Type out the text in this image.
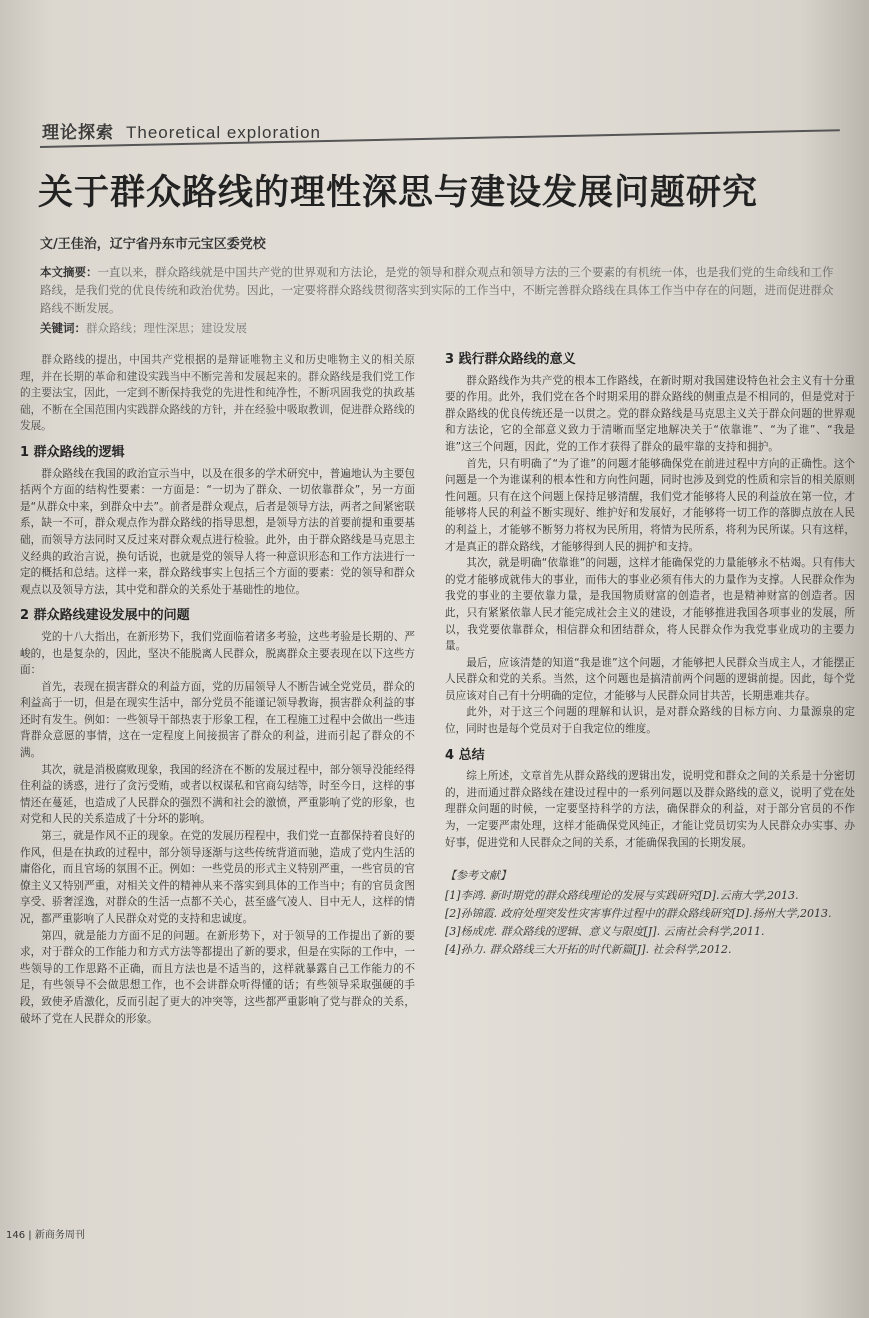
理论探索 Theoretical exploration
关于群众路线的理性深思与建设发展问题研究
文/王佳治，辽宁省丹东市元宝区委党校
本文摘要：一直以来，群众路线就是中国共产党的世界观和方法论，是党的领导和群众观点和领导方法的三个要素的有机统一体，也是我们党的生命线和工作路线，是我们党的优良传统和政治优势。因此，一定要将群众路线贯彻落实到实际的工作当中，不断完善群众路线在具体工作当中存在的问题，进而促进群众路线不断发展。
关键词：群众路线；理性深思；建设发展

群众路线的提出，中国共产党根据的是辩证唯物主义和历史唯物主义的相关原理，并在长期的革命和建设实践当中不断完善和发展起来的。群众路线是我们党工作的主要法宝，因此，一定到不断保持我党的先进性和纯净性，不断巩固我党的执政基础，不断在全国范围内实践群众路线的方针，并在经验中吸取教训，促进群众路线的发展。

1 群众路线的逻辑

群众路线在我国的政治宣示当中，以及在很多的学术研究中，普遍地认为主要包括两个方面的结构性要素：一方面是：“一切为了群众、一切依靠群众”，另一方面是“从群众中来，到群众中去”。前者是群众观点，后者是领导方法，两者之间紧密联系，缺一不可，群众观点作为群众路线的指导思想，是领导方法的首要前提和重要基础，而领导方法同时又反过来对群众观点进行检验。此外，由于群众路线是马克思主义经典的政治言说，换句话说，也就是党的领导人将一种意识形态和工作方法进行一定的概括和总结。这样一来，群众路线事实上包括三个方面的要素：党的领导和群众观点以及领导方法，其中党和群众的关系处于基础性的地位。

2 群众路线建设发展中的问题

党的十八大指出，在新形势下，我们党面临着诸多考验，这些考验是长期的、严峻的，也是复杂的，因此，坚决不能脱离人民群众，脱离群众主要表现在以下这些方面：

首先，表现在损害群众的利益方面，党的历届领导人不断告诫全党党员，群众的利益高于一切，但是在现实生活中，部分党员不能谨记领导教诲，损害群众利益的事还时有发生。例如：一些领导干部热衷于形象工程，在工程施工过程中会做出一些违背群众意愿的事情，这在一定程度上间接损害了群众的利益，进而引起了群众的不满。

其次，就是消极腐败现象，我国的经济在不断的发展过程中，部分领导没能经得住利益的诱惑，进行了贪污受贿，或者以权谋私和官商勾结等，时至今日，这样的事情还在蔓延，也造成了人民群众的强烈不满和社会的激愤，严重影响了党的形象，也对党和人民的关系造成了十分坏的影响。

第三，就是作风不正的现象。在党的发展历程程中，我们党一直都保持着良好的作风，但是在执政的过程中，部分领导逐渐与这些传统背道而驰，造成了党内生活的庸俗化，而且官场的氛围不正。例如：一些党员的形式主义特别严重，一些官员的官僚主义又特别严重，对相关文件的精神从来不落实到具体的工作当中；有的官员贪图享受、骄奢淫逸，对群众的生活一点都不关心，甚至盛气凌人、目中无人，这样的情况，都严重影响了人民群众对党的支持和忠诚度。

第四，就是能力方面不足的问题。在新形势下，对于领导的工作提出了新的要求，对于群众的工作能力和方式方法等都提出了新的要求，但是在实际的工作中，一些领导的工作思路不正确，而且方法也是不适当的，这样就暴露自己工作能力的不足，有些领导不会做思想工作，也不会讲群众听得懂的话；有些领导采取强硬的手段，致使矛盾激化，反而引起了更大的冲突等，这些都严重影响了党与群众的关系，破坏了党在人民群众的形象。

3 践行群众路线的意义

群众路线作为共产党的根本工作路线，在新时期对我国建设特色社会主义有十分重要的作用。此外，我们党在各个时期采用的群众路线的侧重点是不相同的，但是党对于群众路线的优良传统还是一以贯之。党的群众路线是马克思主义关于群众问题的世界观和方法论，它的全部意义致力于清晰而坚定地解决关于“依靠谁”、“为了谁”、“我是谁”这三个问题，因此，党的工作才获得了群众的最牢靠的支持和拥护。

首先，只有明确了“为了谁”的问题才能够确保党在前进过程中方向的正确性。这个问题是一个为谁谋利的根本性和方向性问题，同时也涉及到党的性质和宗旨的相关原则性问题。只有在这个问题上保持足够清醒，我们党才能够将人民的利益放在第一位，才能够将人民的利益不断实现好、维护好和发展好，才能够将一切工作的落脚点放在人民的利益上，才能够不断努力将权为民所用，将情为民所系，将利为民所谋。只有这样，才是真正的群众路线，才能够得到人民的拥护和支持。

其次，就是明确“依靠谁”的问题，这样才能确保党的力量能够永不枯竭。只有伟大的党才能够成就伟大的事业，而伟大的事业必须有伟大的力量作为支撑。人民群众作为我党的事业的主要依靠力量，是我国物质财富的创造者，也是精神财富的创造者。因此，只有紧紧依靠人民才能完成社会主义的建设，才能够推进我国各项事业的发展，所以，我党要依靠群众，相信群众和团结群众，将人民群众作为我党事业成功的主要力量。

最后，应该清楚的知道“我是谁”这个问题，才能够把人民群众当成主人，才能摆正人民群众和党的关系。当然，这个问题也是搞清前两个问题的逻辑前提。因此，每个党员应该对自己有十分明确的定位，才能够与人民群众同甘共苦，长期患难共存。

此外，对于这三个问题的理解和认识，是对群众路线的目标方向、力量源泉的定位，同时也是每个党员对于自我定位的维度。

4 总结

综上所述，文章首先从群众路线的逻辑出发，说明党和群众之间的关系是十分密切的，进而通过群众路线在建设过程中的一系列问题以及群众路线的意义，说明了党在处理群众问题的时候，一定要坚持科学的方法，确保群众的利益，对于部分官员的不作为，一定要严肃处理，这样才能确保党风纯正，才能让党员切实为人民群众办实事、办好事，促进党和人民群众之间的关系，才能确保我国的长期发展。

【参考文献】

[1]李鸿. 新时期党的群众路线理论的发展与实践研究[D].云南大学,2013.

[2]孙锦霞. 政府处理突发性灾害事件过程中的群众路线研究[D].扬州大学,2013.

[3]杨成虎. 群众路线的逻辑、意义与限度[J]. 云南社会科学,2011.

[4]孙力. 群众路线三大开拓的时代新篇[J]. 社会科学,2012.

146 | 新商务周刊
